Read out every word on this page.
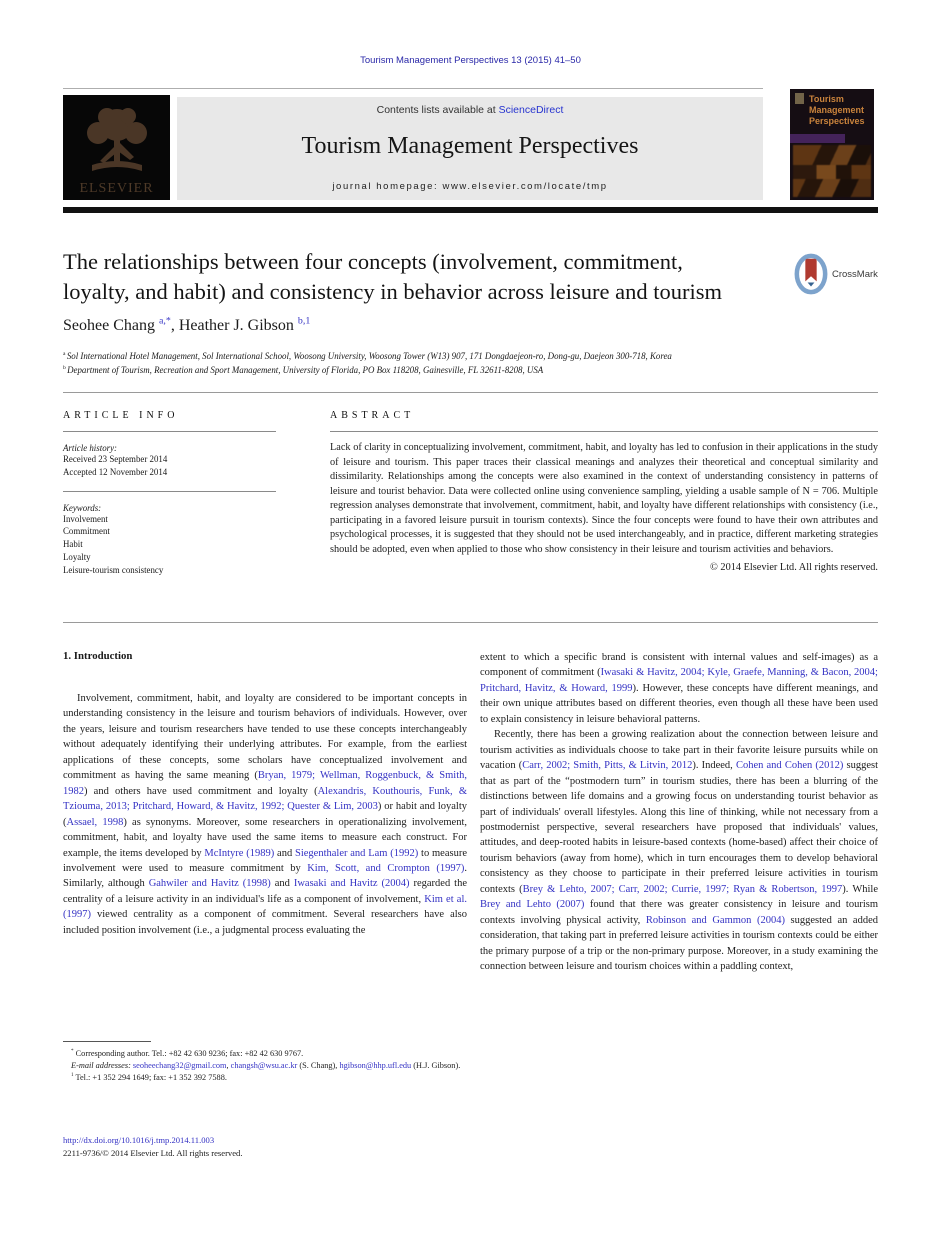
Tourism Management Perspectives 13 (2015) 41–50
ELSEVIER
Contents lists available at ScienceDirect
Tourism Management Perspectives
journal homepage: www.elsevier.com/locate/tmp
Tourism Management Perspectives
The relationships between four concepts (involvement, commitment,
loyalty, and habit) and consistency in behavior across leisure and tourism
CrossMark
Seohee Chang $^{a,*}$, Heather J. Gibson $^{b,1}$
$^a$ Sol International Hotel Management, Sol International School, Woosong University, Woosong Tower (W13) 907, 171 Dongdaejeon-ro, Dong-gu, Daejeon 300-718, Korea
$^b$ Department of Tourism, Recreation and Sport Management, University of Florida, PO Box 118208, Gainesville, FL 32611-8208, USA
ARTICLE INFO
Article history:
Received 23 September 2014
Accepted 12 November 2014
Keywords:
Involvement
Commitment
Habit
Loyalty
Leisure-tourism consistency
ABSTRACT
Lack of clarity in conceptualizing involvement, commitment, habit, and loyalty has led to confusion in their applications in the study of leisure and tourism. This paper traces their classical meanings and analyzes their theoretical and conceptual similarity and dissimilarity. Relationships among the concepts were also examined in the context of understanding consistency in patterns of leisure and tourist behavior. Data were collected online using convenience sampling, yielding a usable sample of N = 706. Multiple regression analyses demonstrate that involvement, commitment, habit, and loyalty have different relationships with consistency (i.e., participating in a favored leisure pursuit in tourism contexts). Since the four concepts were found to have their own attributes and psychological processes, it is suggested that they should not be used interchangeably, and in practice, different marketing strategies should be adopted, even when applied to those who show consistency in their leisure and tourism activities and behaviors.
© 2014 Elsevier Ltd. All rights reserved.
1. Introduction

Involvement, commitment, habit, and loyalty are considered to be important concepts in understanding consistency in the leisure and tourism behaviors of individuals. However, over the years, leisure and tourism researchers have tended to use these concepts interchangeably without adequately identifying their underlying attributes. For example, from the earliest applications of these concepts, some scholars have conceptualized involvement and commitment as having the same meaning (Bryan, 1979; Wellman, Roggenbuck, & Smith, 1982) and others have used commitment and loyalty (Alexandris, Kouthouris, Funk, & Tziouma, 2013; Pritchard, Howard, & Havitz, 1992; Quester & Lim, 2003) or habit and loyalty (Assael, 1998) as synonyms. Moreover, some researchers in operationalizing involvement, commitment, habit, and loyalty have used the same items to measure each construct. For example, the items developed by McIntyre (1989) and Siegenthaler and Lam (1992) to measure involvement were used to measure commitment by Kim, Scott, and Crompton (1997). Similarly, although Gahwiler and Havitz (1998) and Iwasaki and Havitz (2004) regarded the centrality of a leisure activity in an individual's life as a component of involvement, Kim et al. (1997) viewed centrality as a component of commitment. Several researchers have also included position involvement (i.e., a judgmental process evaluating the

extent to which a specific brand is consistent with internal values and self-images) as a component of commitment (Iwasaki & Havitz, 2004; Kyle, Graefe, Manning, & Bacon, 2004; Pritchard, Havitz, & Howard, 1999). However, these concepts have different meanings, and their own unique attributes based on different theories, even though all these have been used to explain consistency in leisure behavioral patterns.

Recently, there has been a growing realization about the connection between leisure and tourism activities as individuals choose to take part in their favorite leisure pursuits while on vacation (Carr, 2002; Smith, Pitts, & Litvin, 2012). Indeed, Cohen and Cohen (2012) suggest that as part of the “postmodern turn” in tourism studies, there has been a blurring of the distinctions between life domains and a growing focus on understanding tourist behavior as part of individuals' overall lifestyles. Along this line of thinking, while not necessary from a postmodernist perspective, several researchers have proposed that individuals' values, attitudes, and deep-rooted habits in leisure-based contexts (home-based) affect their choice of tourism behaviors (away from home), which in turn encourages them to develop behavioral consistency as they choose to participate in their preferred leisure activities in tourism contexts (Brey & Lehto, 2007; Carr, 2002; Currie, 1997; Ryan & Robertson, 1997). While Brey and Lehto (2007) found that there was greater consistency in leisure and tourism contexts involving physical activity, Robinson and Gammon (2004) suggested an added consideration, that taking part in preferred leisure activities in tourism contexts could be either the primary purpose of a trip or the non-primary purpose. Moreover, in a study examining the connection between leisure and tourism choices within a paddling context,

* Corresponding author. Tel.: +82 42 630 9236; fax: +82 42 630 9767.
E-mail addresses: seoheechang32@gmail.com, changsh@wsu.ac.kr (S. Chang), hgibson@hhp.ufl.edu (H.J. Gibson).
$^1$ Tel.: +1 352 294 1649; fax: +1 352 392 7588.
http://dx.doi.org/10.1016/j.tmp.2014.11.003
2211-9736/© 2014 Elsevier Ltd. All rights reserved.
